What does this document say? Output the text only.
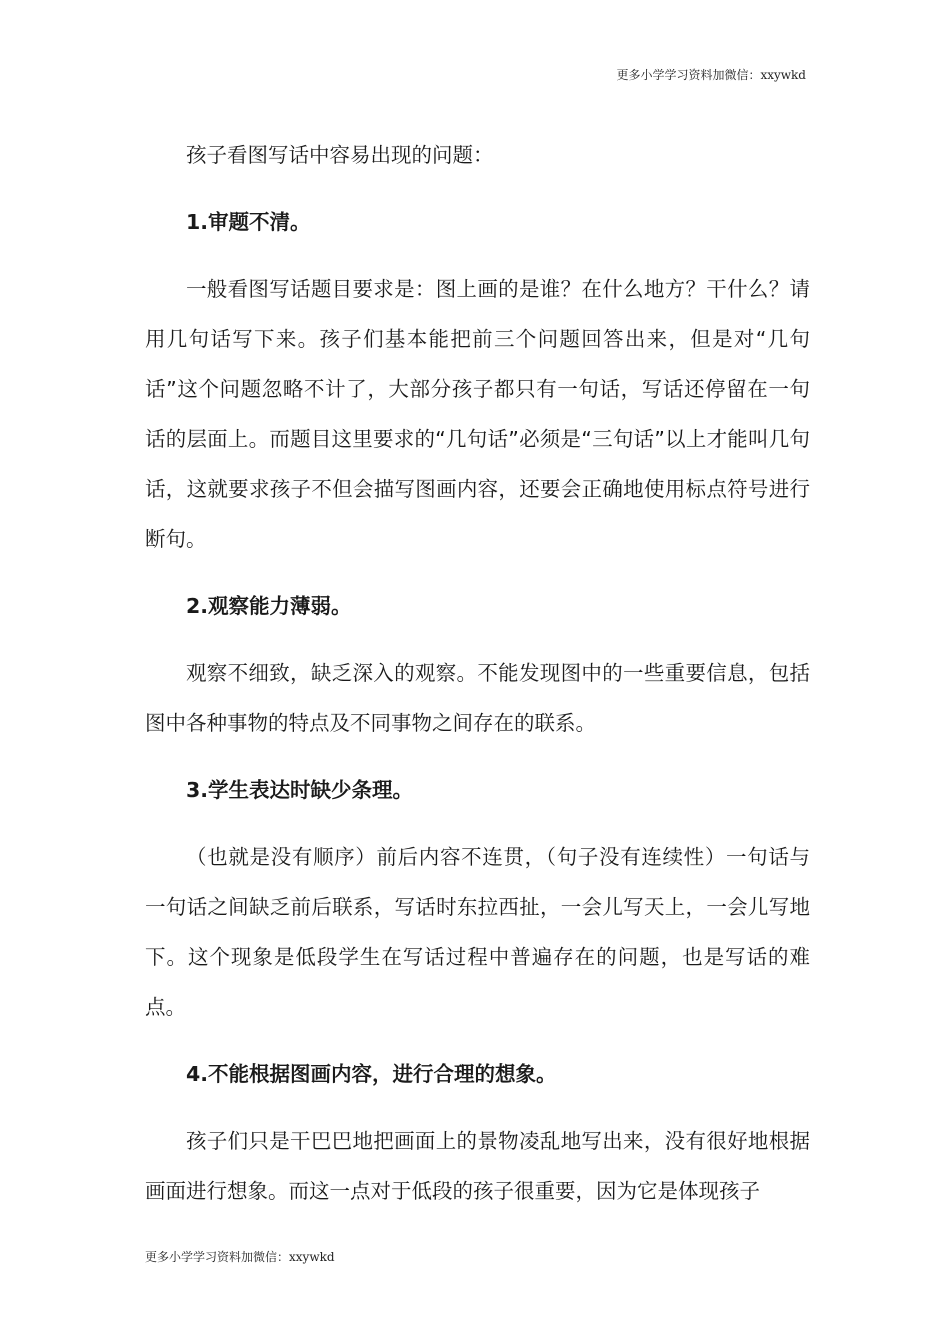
更多小学学习资料加微信：xxywkd

孩子看图写话中容易出现的问题：

1.审题不清。

一般看图写话题目要求是：图上画的是谁？在什么地方？干什么？请用几句话写下来。孩子们基本能把前三个问题回答出来，但是对“几句话”这个问题忽略不计了，大部分孩子都只有一句话，写话还停留在一句话的层面上。而题目这里要求的“几句话”必须是“三句话”以上才能叫几句话，这就要求孩子不但会描写图画内容，还要会正确地使用标点符号进行断句。

2.观察能力薄弱。

观察不细致，缺乏深入的观察。不能发现图中的一些重要信息，包括图中各种事物的特点及不同事物之间存在的联系。

3.学生表达时缺少条理。

（也就是没有顺序）前后内容不连贯，（句子没有连续性）一句话与一句话之间缺乏前后联系，写话时东拉西扯，一会儿写天上，一会儿写地下。这个现象是低段学生在写话过程中普遍存在的问题，也是写话的难点。

4.不能根据图画内容，进行合理的想象。

孩子们只是干巴巴地把画面上的景物凌乱地写出来，没有很好地根据画面进行想象。而这一点对于低段的孩子很重要，因为它是体现孩子

更多小学学习资料加微信：xxywkd
